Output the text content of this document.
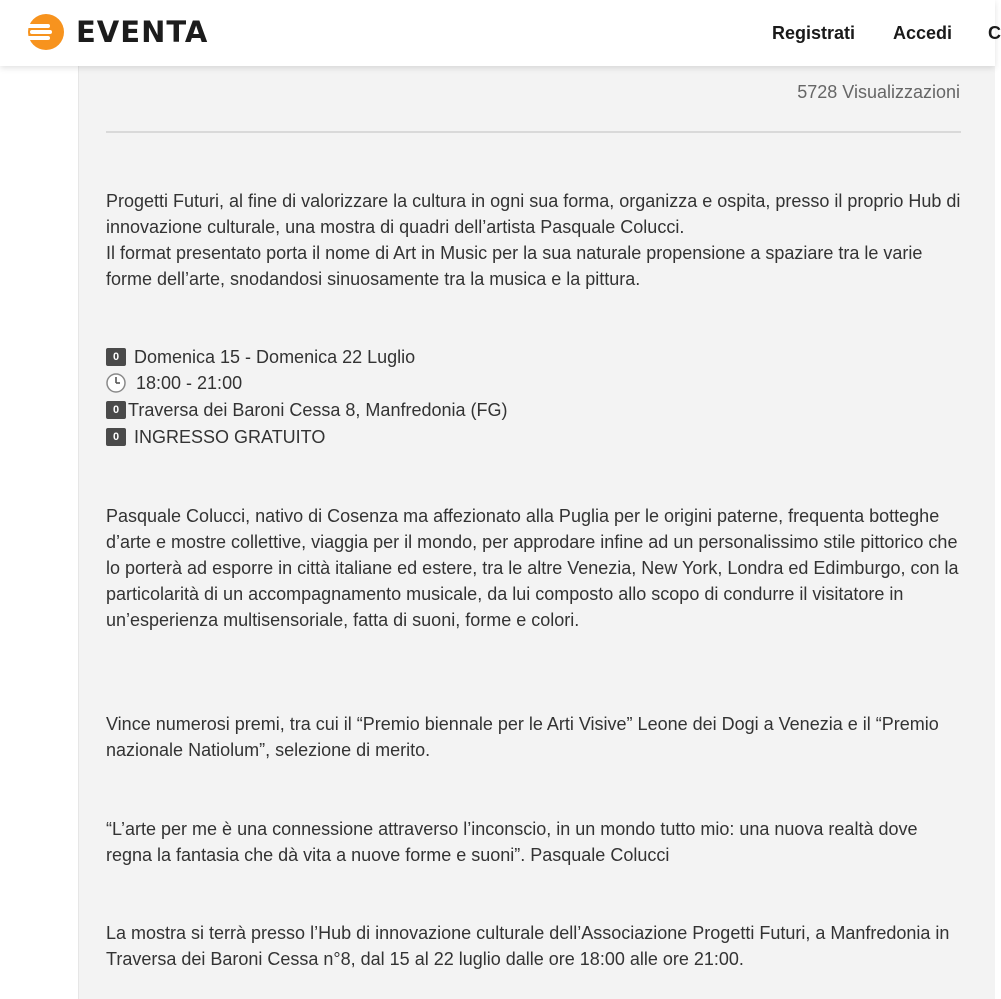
EVENTA	Registrati Accedi C
5728 Visualizzazioni

Progetti Futuri, al fine di valorizzare la cultura in ogni sua forma, organizza e ospita, presso il proprio Hub di innovazione culturale, una mostra di quadri dell’artista Pasquale Colucci.
Il format presentato porta il nome di Art in Music per la sua naturale propensione a spaziare tra le varie forme dell’arte, snodandosi sinuosamente tra la musica e la pittura.

0 Domenica 15 - Domenica 22 Luglio
18:00 - 21:00
0 Traversa dei Baroni Cessa 8, Manfredonia (FG)
0 INGRESSO GRATUITO

Pasquale Colucci, nativo di Cosenza ma affezionato alla Puglia per le origini paterne, frequenta botteghe d’arte e mostre collettive, viaggia per il mondo, per approdare infine ad un personalissimo stile pittorico che lo porterà ad esporre in città italiane ed estere, tra le altre Venezia, New York, Londra ed Edimburgo, con la particolarità di un accompagnamento musicale, da lui composto allo scopo di condurre il visitatore in un’esperienza multisensoriale, fatta di suoni, forme e colori.

Vince numerosi premi, tra cui il “Premio biennale per le Arti Visive” Leone dei Dogi a Venezia e il “Premio nazionale Natiolum”, selezione di merito.

“L’arte per me è una connessione attraverso l’inconscio, in un mondo tutto mio: una nuova realtà dove regna la fantasia che dà vita a nuove forme e suoni”. Pasquale Colucci

La mostra si terrà presso l’Hub di innovazione culturale dell’Associazione Progetti Futuri, a Manfredonia in Traversa dei Baroni Cessa n°8, dal 15 al 22 luglio dalle ore 18:00 alle ore 21:00.
